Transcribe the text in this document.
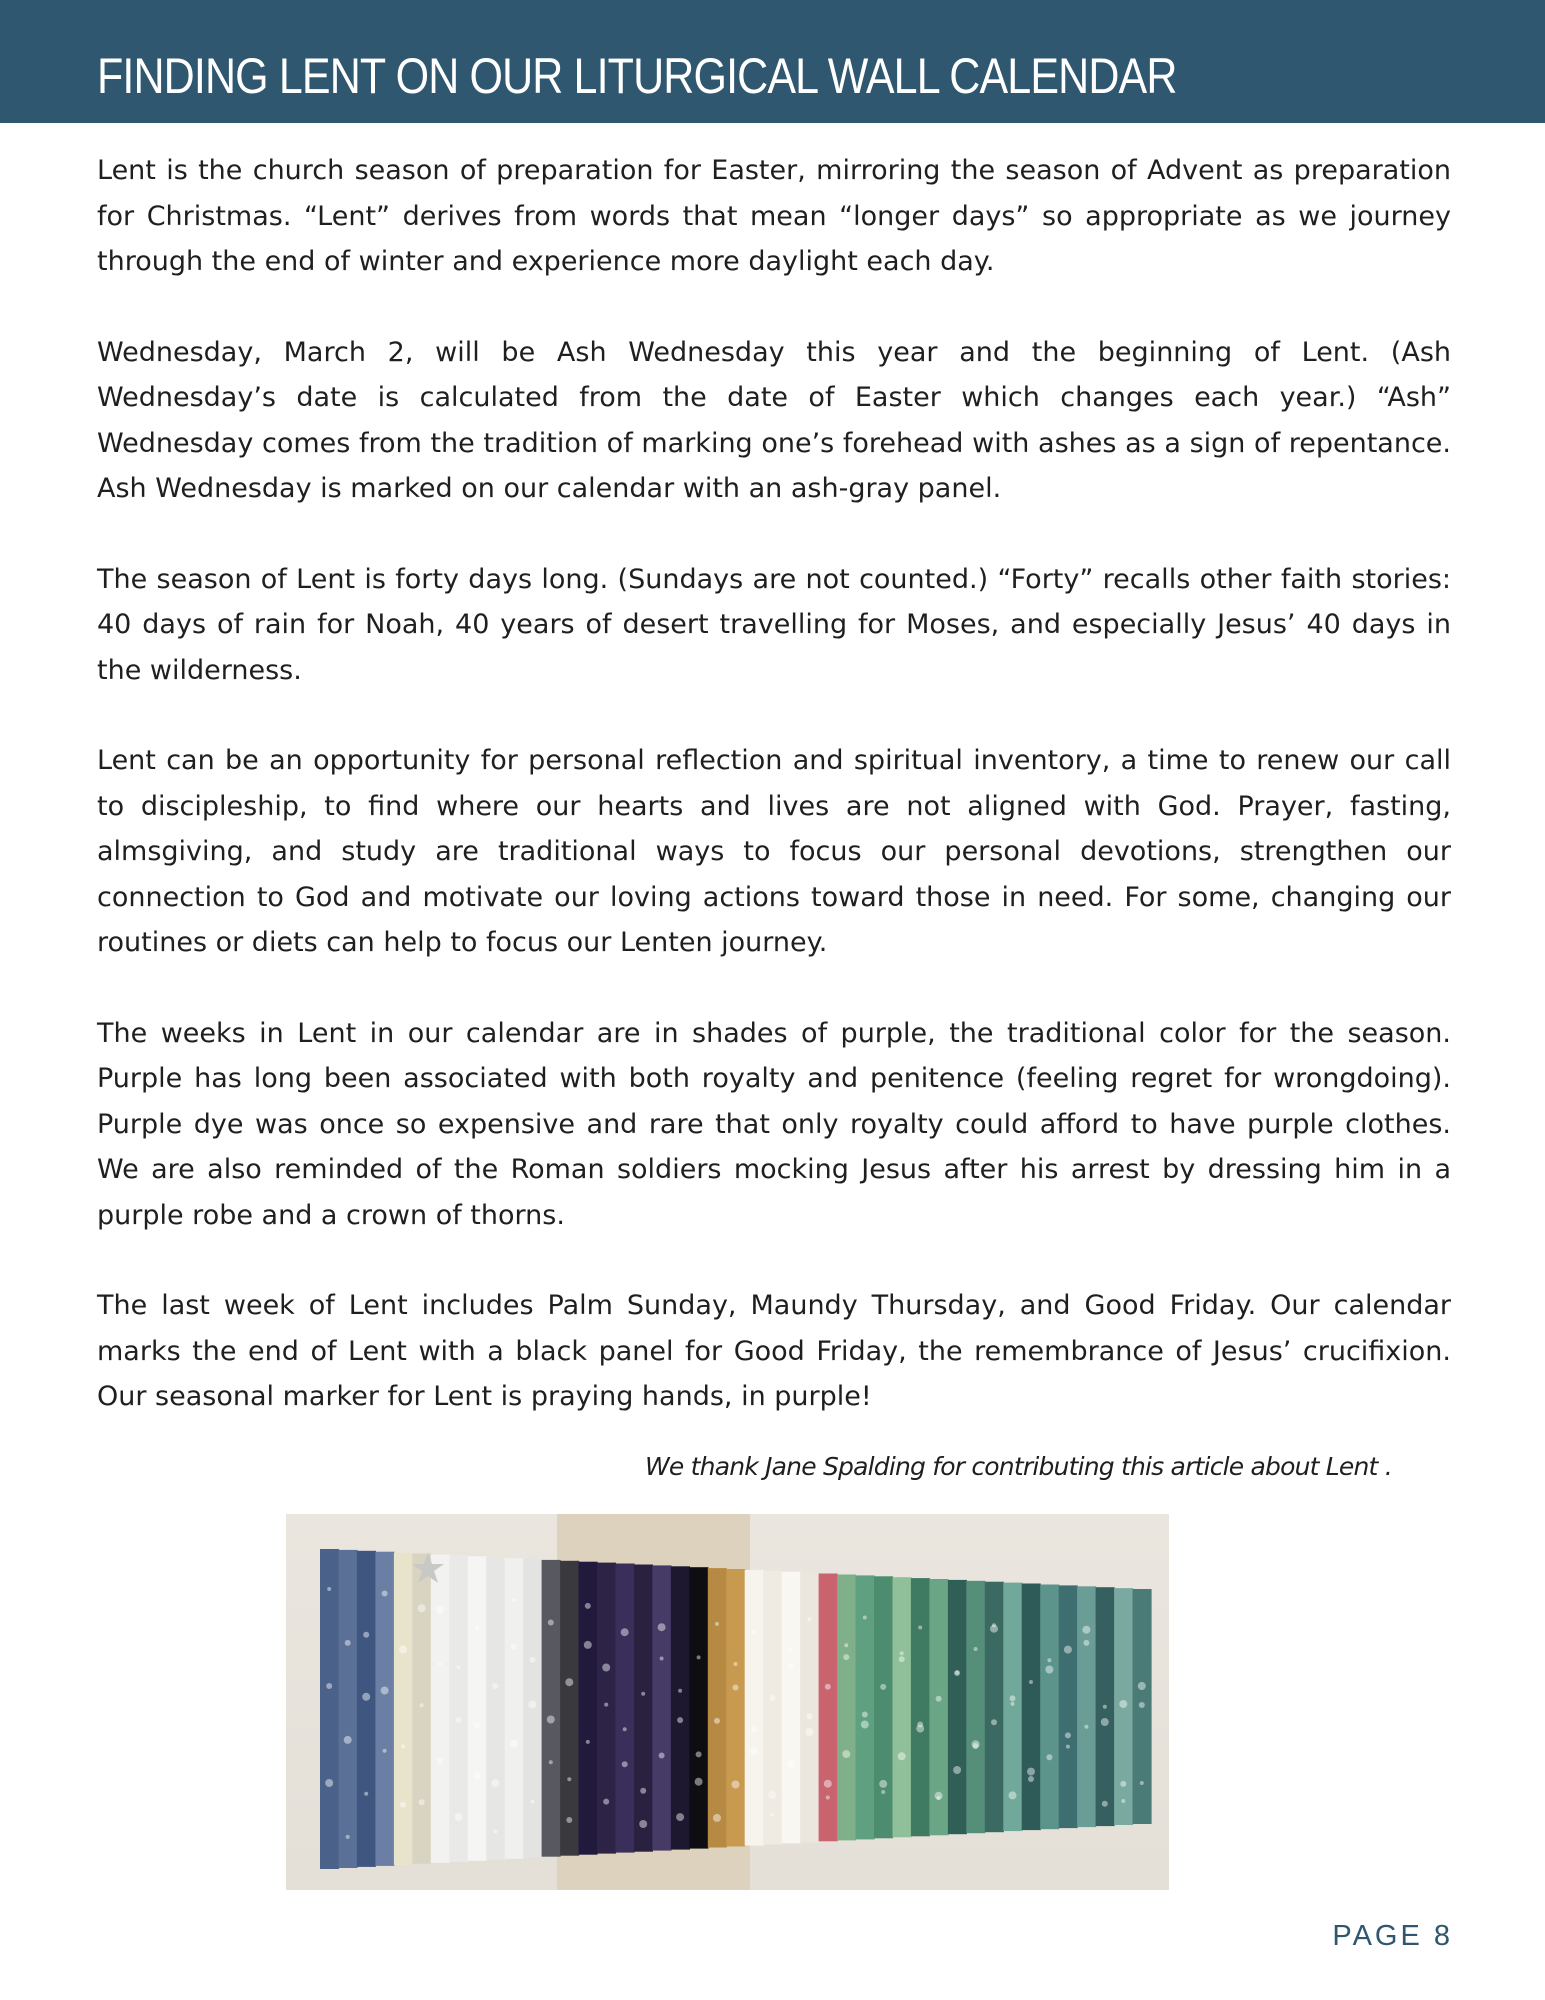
FINDING LENT ON OUR LITURGICAL WALL CALENDAR

Lent is the church season of preparation for Easter, mirroring the season of Advent as preparation for Christmas. “Lent” derives from words that mean “longer days” so appropriate as we journey through the end of winter and experience more daylight each day.

Wednesday, March 2, will be Ash Wednesday this year and the beginning of Lent. (Ash Wednesday’s date is calculated from the date of Easter which changes each year.) “Ash” Wednesday comes from the tradition of marking one’s forehead with ashes as a sign of repentance. Ash Wednesday is marked on our calendar with an ash-gray panel.

The season of Lent is forty days long. (Sundays are not counted.) “Forty” recalls other faith stories: 40 days of rain for Noah, 40 years of desert travelling for Moses, and especially Jesus’ 40 days in the wilderness.

Lent can be an opportunity for personal reflection and spiritual inventory, a time to renew our call to discipleship, to find where our hearts and lives are not aligned with God. Prayer, fasting, almsgiving, and study are traditional ways to focus our personal devotions, strengthen our connection to God and motivate our loving actions toward those in need. For some, changing our routines or diets can help to focus our Lenten journey.

The weeks in Lent in our calendar are in shades of purple, the traditional color for the season. Purple has long been associated with both royalty and penitence (feeling regret for wrongdoing). Purple dye was once so expensive and rare that only royalty could afford to have purple clothes. We are also reminded of the Roman soldiers mocking Jesus after his arrest by dressing him in a purple robe and a crown of thorns.

The last week of Lent includes Palm Sunday, Maundy Thursday, and Good Friday. Our calendar marks the end of Lent with a black panel for Good Friday, the remembrance of Jesus’ crucifixion. Our seasonal marker for Lent is praying hands, in purple!

We thank Jane Spalding for contributing this article about Lent .
PAGE 8
